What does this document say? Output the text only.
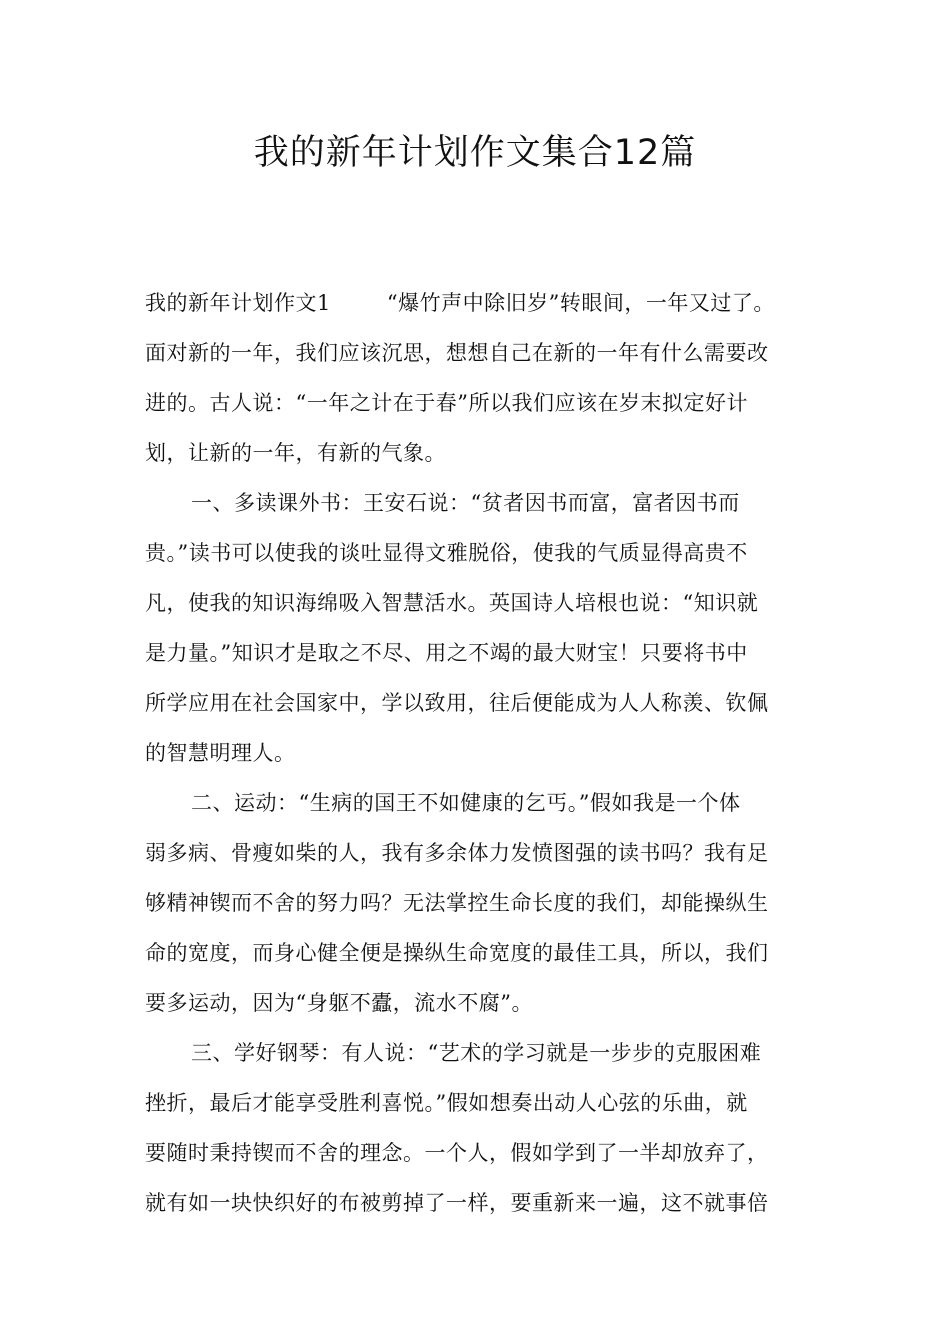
我的新年计划作文集合12篇
我的新年计划作文1	“爆竹声中除旧岁”转眼间，一年又过了。
面对新的一年，我们应该沉思，想想自己在新的一年有什么需要改
进的。古人说：“一年之计在于春”所以我们应该在岁末拟定好计
划，让新的一年，有新的气象。
一、多读课外书：王安石说：“贫者因书而富，富者因书而
贵。”读书可以使我的谈吐显得文雅脱俗，使我的气质显得高贵不
凡，使我的知识海绵吸入智慧活水。英国诗人培根也说：“知识就
是力量。”知识才是取之不尽、用之不竭的最大财宝！只要将书中
所学应用在社会国家中，学以致用，往后便能成为人人称羡、钦佩
的智慧明理人。
二、运动：“生病的国王不如健康的乞丐。”假如我是一个体
弱多病、骨瘦如柴的人，我有多余体力发愤图强的读书吗？我有足
够精神锲而不舍的努力吗？无法掌控生命长度的我们，却能操纵生
命的宽度，而身心健全便是操纵生命宽度的最佳工具，所以，我们
要多运动，因为“身躯不蠹，流水不腐”。
三、学好钢琴：有人说：“艺术的学习就是一步步的克服困难
挫折，最后才能享受胜利喜悦。”假如想奏出动人心弦的乐曲，就
要随时秉持锲而不舍的理念。一个人，假如学到了一半却放弃了，
就有如一块快织好的布被剪掉了一样，要重新来一遍，这不就事倍
